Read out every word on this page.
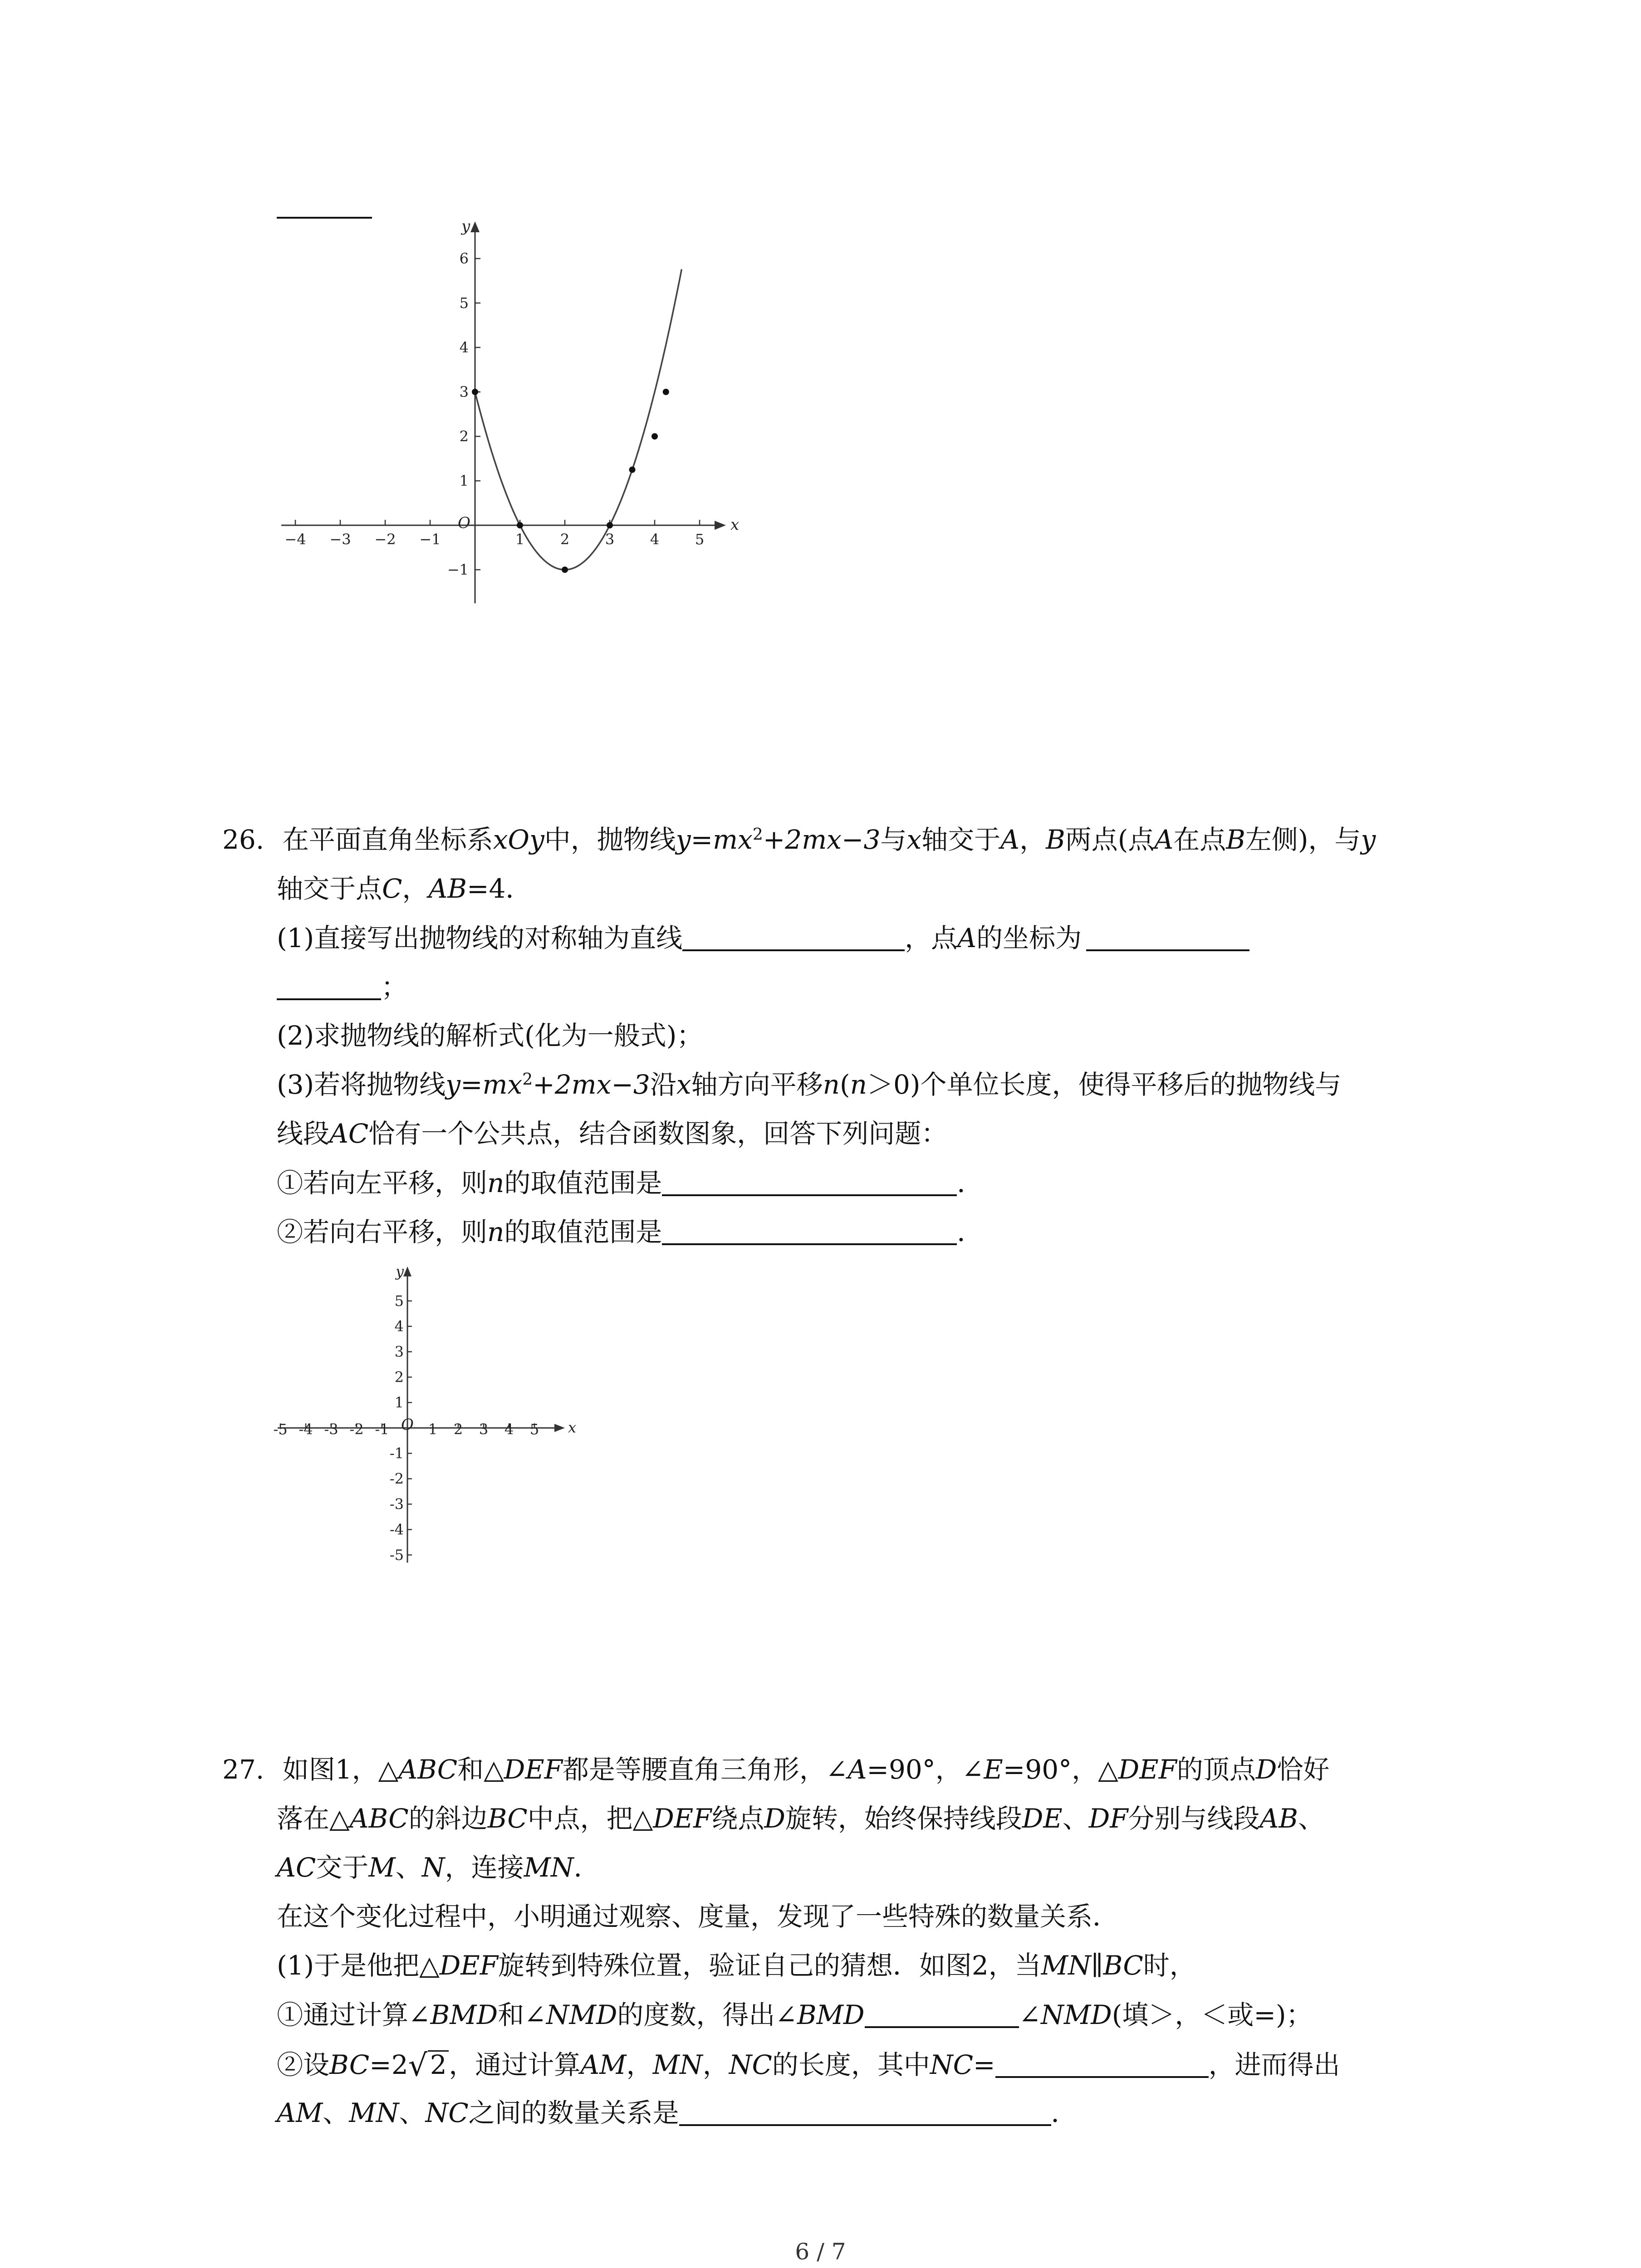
−4 −3 −2 −1	1 2 3 4 5
6
5
4
3
2
1
−1
O	x
y
26. 在平面直角坐标系xOy中，抛物线$y=mx^2+2mx-3$与x轴交于A，B两点(点A在点B左侧)，与y
轴交于点C，AB=4．
(1)直接写出抛物线的对称轴为直线	，点A的坐标为
；
(2)求抛物线的解析式(化为一般式)；
(3)若将抛物线$y=mx^2+2mx-3$沿x轴方向平移n(n＞0)个单位长度，使得平移后的抛物线与
线段AC恰有一个公共点，结合函数图象，回答下列问题：
①若向左平移，则n的取值范围是	．
②若向右平移，则n的取值范围是	．
-5 -4 -3 -2 -1	1 2 3 4 5
5
4
3
2
1
-1
-2
-3
-4
-5
O	x
y
27. 如图1，△ABC和△DEF都是等腰直角三角形，∠A=90°，∠E=90°，△DEF的顶点D恰好
落在△ABC的斜边BC中点，把△DEF绕点D旋转，始终保持线段DE、DF分别与线段AB、
AC交于M、N，连接MN．
在这个变化过程中，小明通过观察、度量，发现了一些特殊的数量关系．
(1)于是他把△DEF旋转到特殊位置，验证自己的猜想．如图2，当MN∥BC时，
①通过计算∠BMD和∠NMD的度数，得出∠BMD	∠NMD(填＞，＜或=)；
②设BC=2 √ 2，通过计算AM，MN，NC的长度，其中NC=	，进而得出
AM、MN、NC之间的数量关系是	．
6 / 7
